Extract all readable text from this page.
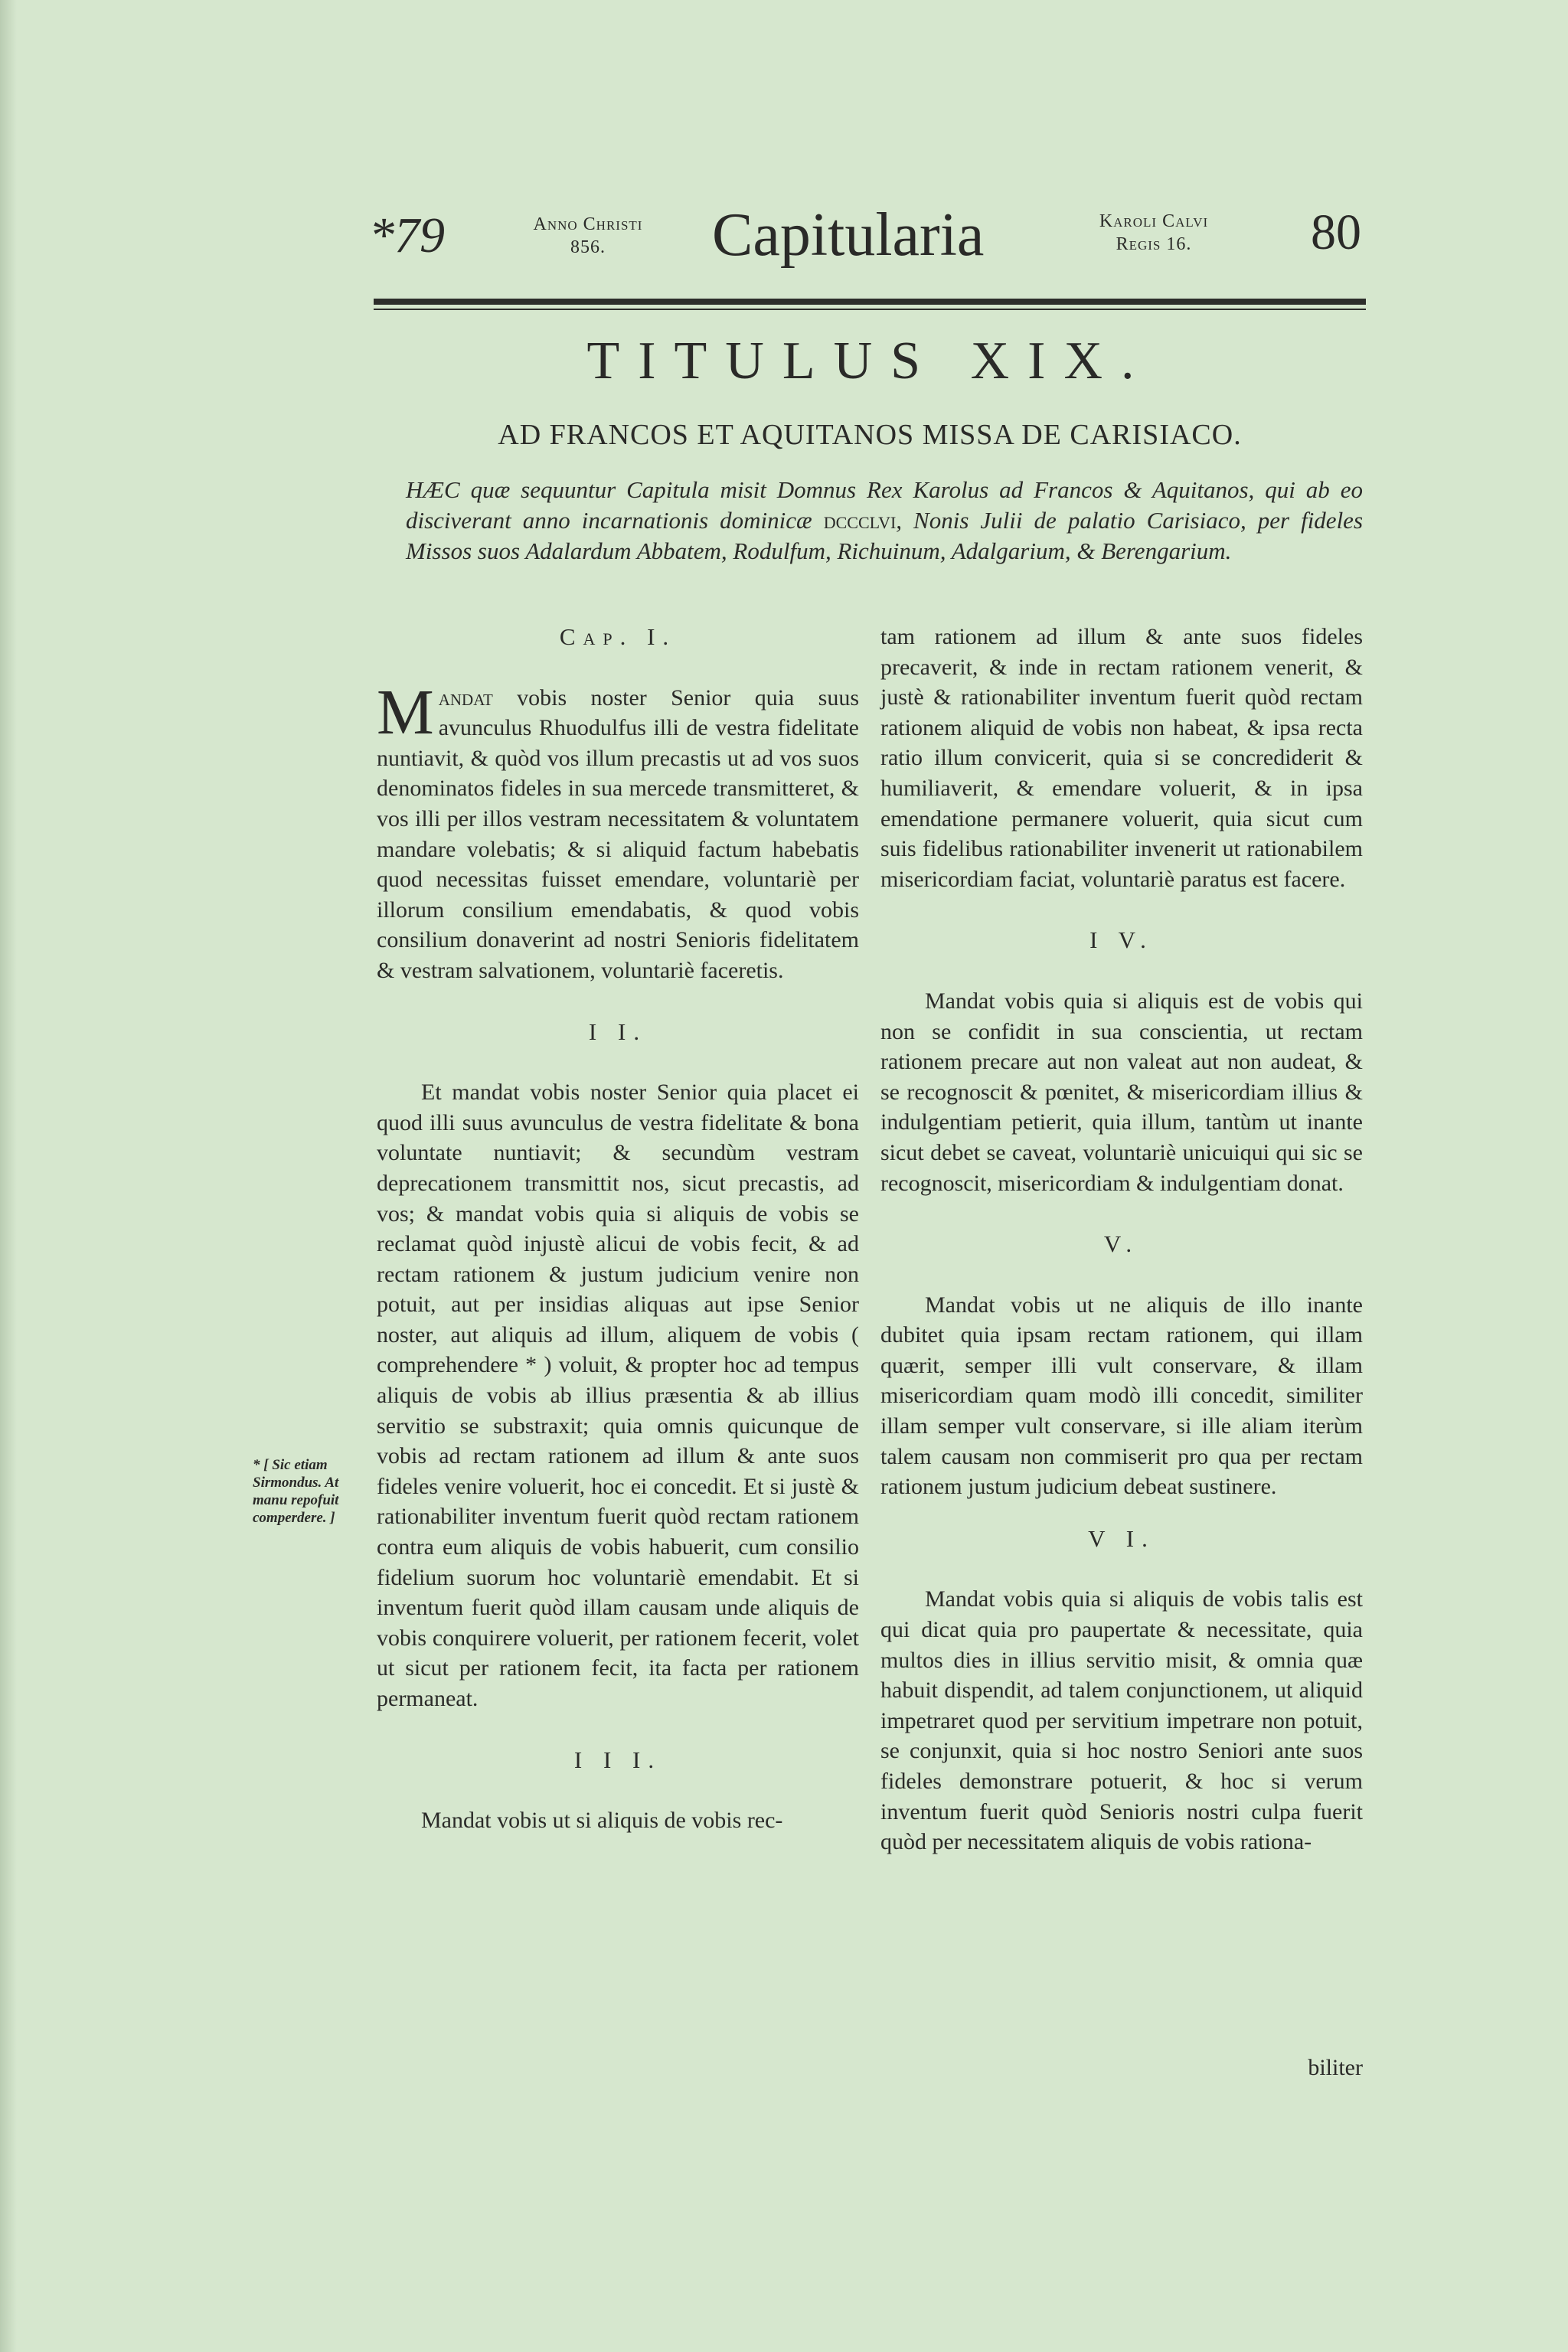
*79	Anno Christi
856.	Capitularia	Karoli Calvi
Regis 16.	80
TITULUS XIX.
AD FRANCOS ET AQUITANOS MISSA DE CARISIACO.
HÆC quæ sequuntur Capitula misit Domnus Rex Karolus ad Francos & Aquitanos, qui ab eo disciverant anno incarnationis dominicæ dccclvi, Nonis Julii de palatio Carisiaco, per fideles Missos suos Adalardum Abbatem, Rodulfum, Richuinum, Adalgarium, & Berengarium.

Cap. I.

Mandat vobis noster Senior quia suus avunculus Rhuodulfus illi de vestra fidelitate nuntiavit, & quòd vos illum precastis ut ad vos suos denominatos fideles in sua mercede transmitteret, & vos illi per illos vestram necessitatem & voluntatem mandare volebatis; & si aliquid factum habebatis quod necessitas fuisset emendare, voluntariè per illorum consilium emendabatis, & quod vobis consilium donaverint ad nostri Senioris fidelitatem & vestram salvationem, voluntariè faceretis.

I I.

Et mandat vobis noster Senior quia placet ei quod illi suus avunculus de vestra fidelitate & bona voluntate nuntiavit; & secundùm vestram deprecationem transmittit nos, sicut precastis, ad vos; & mandat vobis quia si aliquis de vobis se reclamat quòd injustè alicui de vobis fecit, & ad rectam rationem & justum judicium venire non potuit, aut per insidias aliquas aut ipse Senior noster, aut aliquis ad illum, aliquem de vobis ( comprehendere * ) voluit, & propter hoc ad tempus aliquis de vobis ab illius præsentia & ab illius servitio se substraxit; quia omnis quicunque de vobis ad rectam rationem ad illum & ante suos fideles venire voluerit, hoc ei concedit. Et si justè & rationabiliter inventum fuerit quòd rectam rationem contra eum aliquis de vobis habuerit, cum consilio fidelium suorum hoc voluntariè emendabit. Et si inventum fuerit quòd illam causam unde aliquis de vobis conquirere voluerit, per rationem fecerit, volet ut sicut per rationem fecit, ita facta per rationem permaneat.

I I I.

Mandat vobis ut si aliquis de vobis rec-

tam rationem ad illum & ante suos fideles precaverit, & inde in rectam rationem venerit, & justè & rationabiliter inventum fuerit quòd rectam rationem aliquid de vobis non habeat, & ipsa recta ratio illum convicerit, quia si se concrediderit & humiliaverit, & emendare voluerit, & in ipsa emendatione permanere voluerit, quia sicut cum suis fidelibus rationabiliter invenerit ut rationabilem misericordiam faciat, voluntariè paratus est facere.

I V.

Mandat vobis quia si aliquis est de vobis qui non se confidit in sua conscientia, ut rectam rationem precare aut non valeat aut non audeat, & se recognoscit & pœnitet, & misericordiam illius & indulgentiam petierit, quia illum, tantùm ut inante sicut debet se caveat, voluntariè unicuiqui qui sic se recognoscit, misericordiam & indulgentiam donat.

V.

Mandat vobis ut ne aliquis de illo inante dubitet quia ipsam rectam rationem, qui illam quærit, semper illi vult conservare, & illam misericordiam quam modò illi concedit, similiter illam semper vult conservare, si ille aliam iterùm talem causam non commiserit pro qua per rectam rationem justum judicium debeat sustinere.

V I.

Mandat vobis quia si aliquis de vobis talis est qui dicat quia pro paupertate & necessitate, quia multos dies in illius servitio misit, & omnia quæ habuit dispendit, ad talem conjunctionem, ut aliquid impetraret quod per servitium impetrare non potuit, se conjunxit, quia si hoc nostro Seniori ante suos fideles demonstrare potuerit, & hoc si verum inventum fuerit quòd Senioris nostri culpa fuerit quòd per necessitatem aliquis de vobis rationa-

biliter
* [ Sic etiam Sirmondus. At manu repofuit comperdere. ]
